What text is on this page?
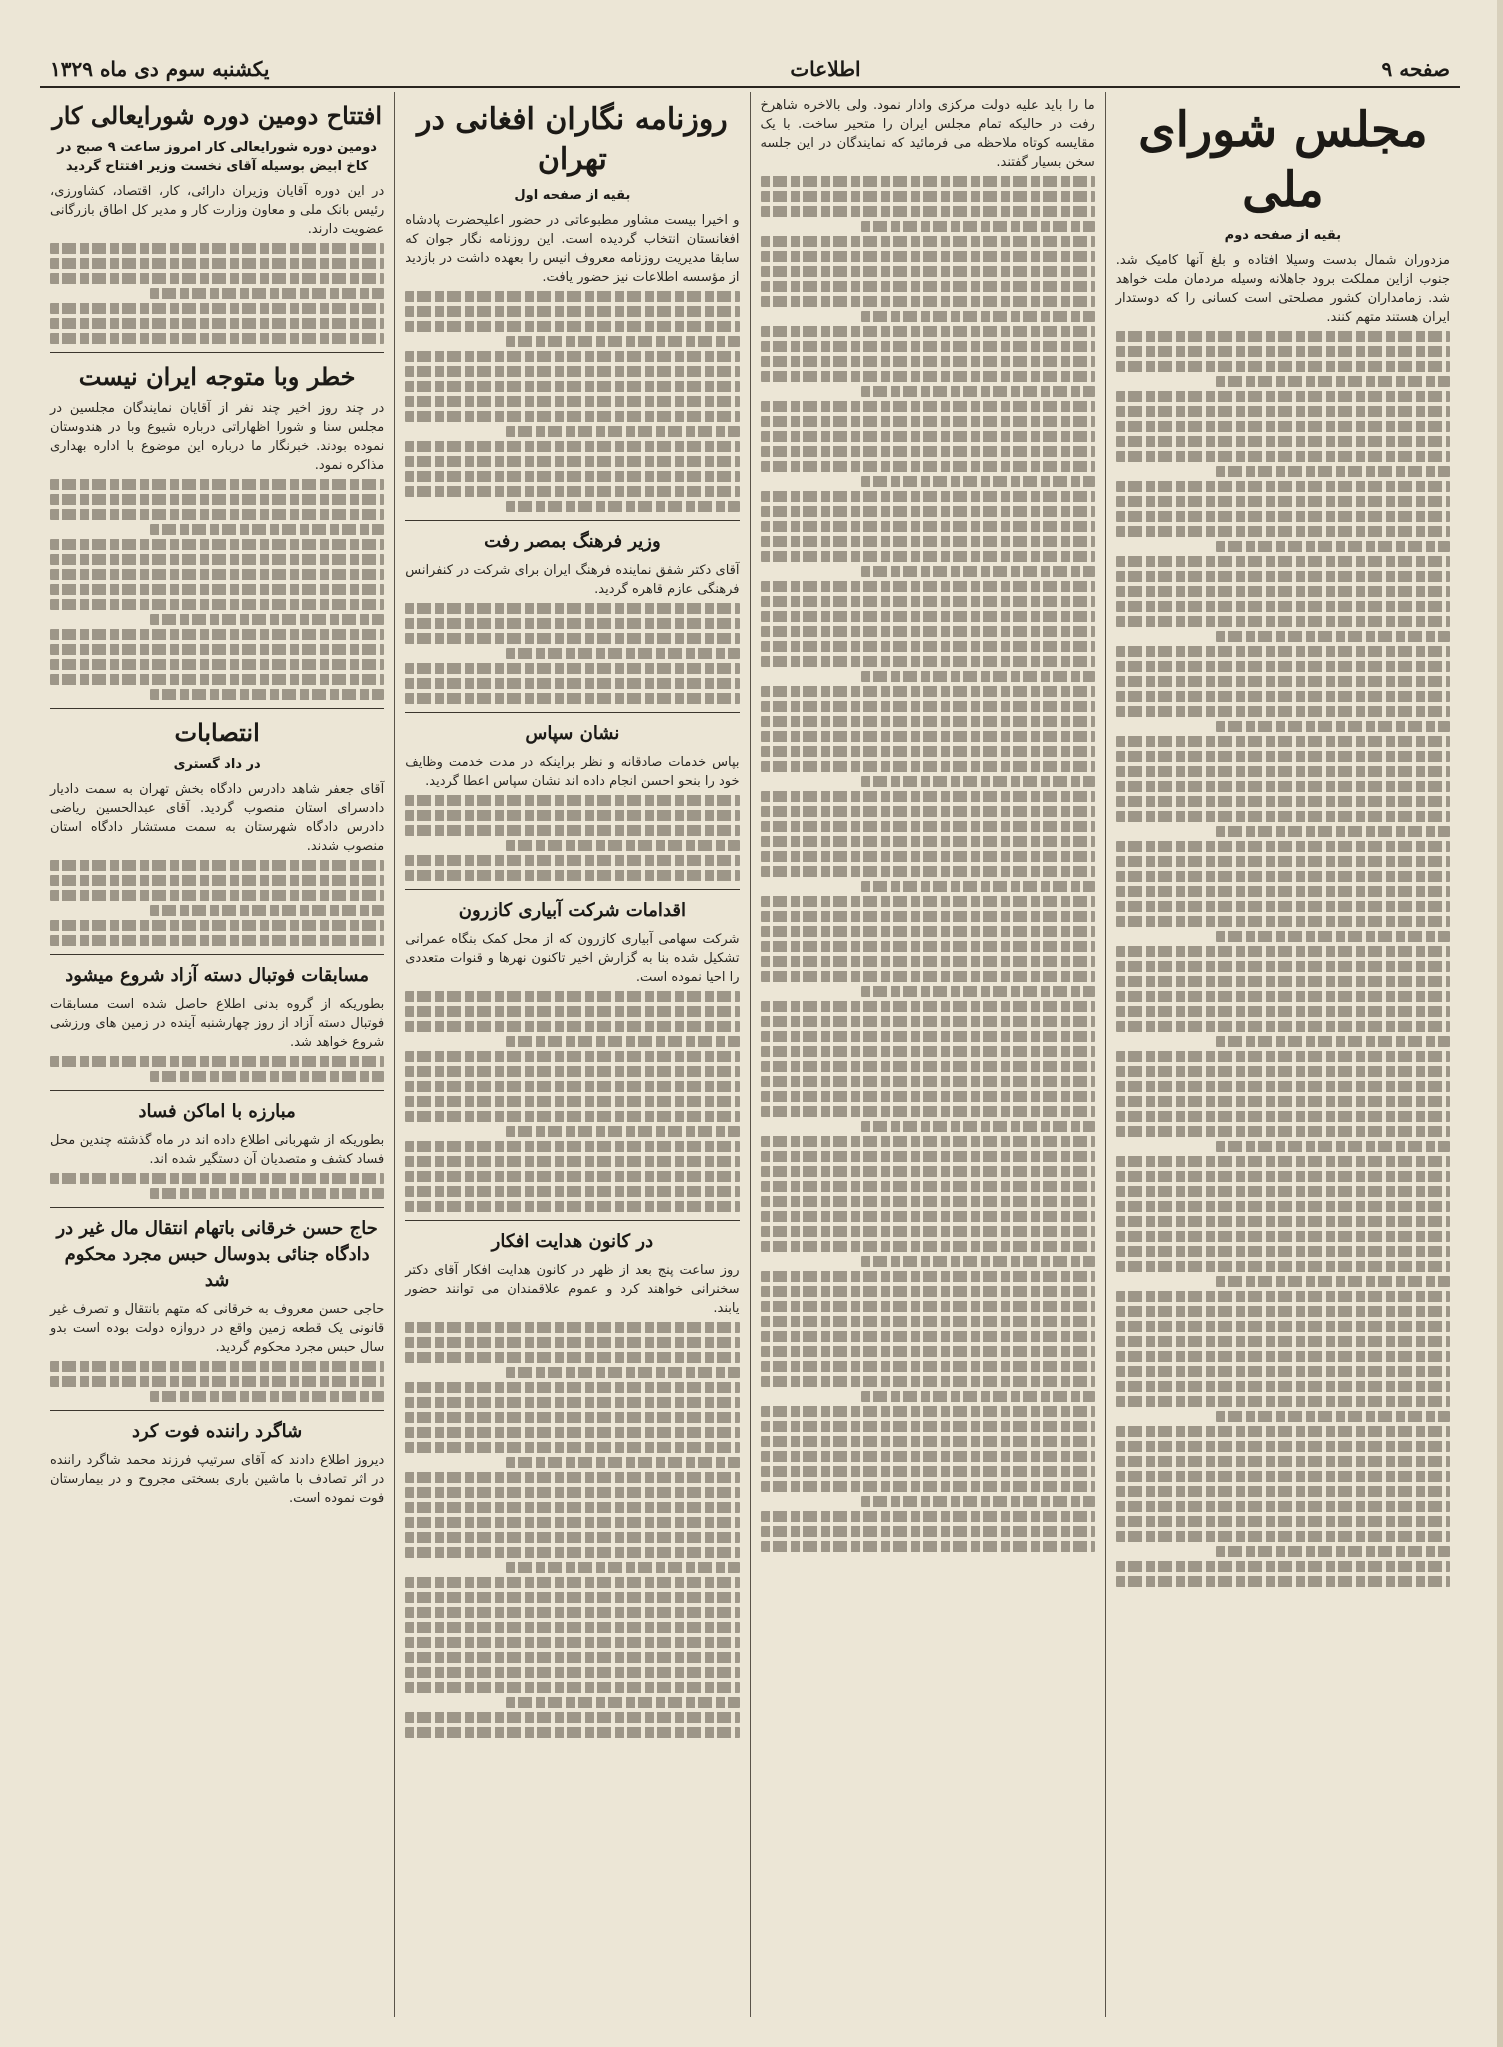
صفحه ۹
اطلاعات
یکشنبه سوم دی ماه ۱۳۲۹
مجلس شورای ملی
بقیه از صفحه دوم

مزدوران شمال بدست وسیلا افتاده و بلغ آنها کامیک شد. جنوب ازاین مملکت برود جاهلانه وسیله مردمان ملت خواهد شد. زمامداران کشور مصلحتی است کسانی را که دوستدار ایران هستند متهم کنند.

ما را باید علیه دولت مرکزی وادار نمود. ولی بالاخره شاهرخ رفت در حالیکه تمام مجلس ایران را متحیر ساخت. با یک مقایسه کوتاه ملاحظه می فرمائید که نمایندگان در این جلسه سخن بسیار گفتند.

روزنامه نگاران افغانی در تهران
بقیه از صفحه اول

و اخیرا بیست مشاور مطبوعاتی در حضور اعلیحضرت پادشاه افغانستان انتخاب گردیده است. این روزنامه نگار جوان که سابقا مدیریت روزنامه معروف انیس را بعهده داشت در بازدید از مؤسسه اطلاعات نیز حضور یافت.

وزیر فرهنگ بمصر رفت

آقای دکتر شفق نماینده فرهنگ ایران برای شرکت در کنفرانس فرهنگی عازم قاهره گردید.

نشان سپاس

بپاس خدمات صادقانه و نظر براینکه در مدت خدمت وظایف خود را بنحو احسن انجام داده اند نشان سپاس اعطا گردید.

اقدامات شرکت آبیاری کازرون

شرکت سهامی آبیاری کازرون که از محل کمک بنگاه عمرانی تشکیل شده بنا به گزارش اخیر تاکنون نهرها و قنوات متعددی را احیا نموده است.

در کانون هدایت افکار

روز ساعت پنج بعد از ظهر در کانون هدایت افکار آقای دکتر سخنرانی خواهند کرد و عموم علاقمندان می توانند حضور یابند.

افتتاح دومین دوره شورایعالی کار
دومین دوره شورایعالی کار امروز ساعت ۹ صبح در کاخ ابیض بوسیله آقای نخست وزیر افتتاح گردید

در این دوره آقایان وزیران دارائی، کار، اقتصاد، کشاورزی، رئیس بانک ملی و معاون وزارت کار و مدیر کل اطاق بازرگانی عضویت دارند.

خطر وبا متوجه ایران نیست

در چند روز اخیر چند نفر از آقایان نمایندگان مجلسین در مجلس سنا و شورا اظهاراتی درباره شیوع وبا در هندوستان نموده بودند. خبرنگار ما درباره این موضوع با اداره بهداری مذاکره نمود.

انتصابات
در داد گستری

آقای جعفر شاهد دادرس دادگاه بخش تهران به سمت دادیار دادسرای استان منصوب گردید. آقای عبدالحسین ریاضی دادرس دادگاه شهرستان به سمت مستشار دادگاه استان منصوب شدند.

مسابقات فوتبال دسته آزاد شروع میشود

بطوریکه از گروه بدنی اطلاع حاصل شده است مسابقات فوتبال دسته آزاد از روز چهارشنبه آینده در زمین های ورزشی شروع خواهد شد.

مبارزه با اماکن فساد

بطوریکه از شهربانی اطلاع داده اند در ماه گذشته چندین محل فساد کشف و متصدیان آن دستگیر شده اند.

حاج حسن خرقانی باتهام انتقال مال غیر در دادگاه جنائی بدوسال حبس مجرد محکوم شد

حاجی حسن معروف به خرقانی که متهم بانتقال و تصرف غیر قانونی یک قطعه زمین واقع در دروازه دولت بوده است بدو سال حبس مجرد محکوم گردید.

شاگرد راننده فوت کرد

دیروز اطلاع دادند که آقای سرتیپ فرزند محمد شاگرد راننده در اثر تصادف با ماشین باری بسختی مجروح و در بیمارستان فوت نموده است.
